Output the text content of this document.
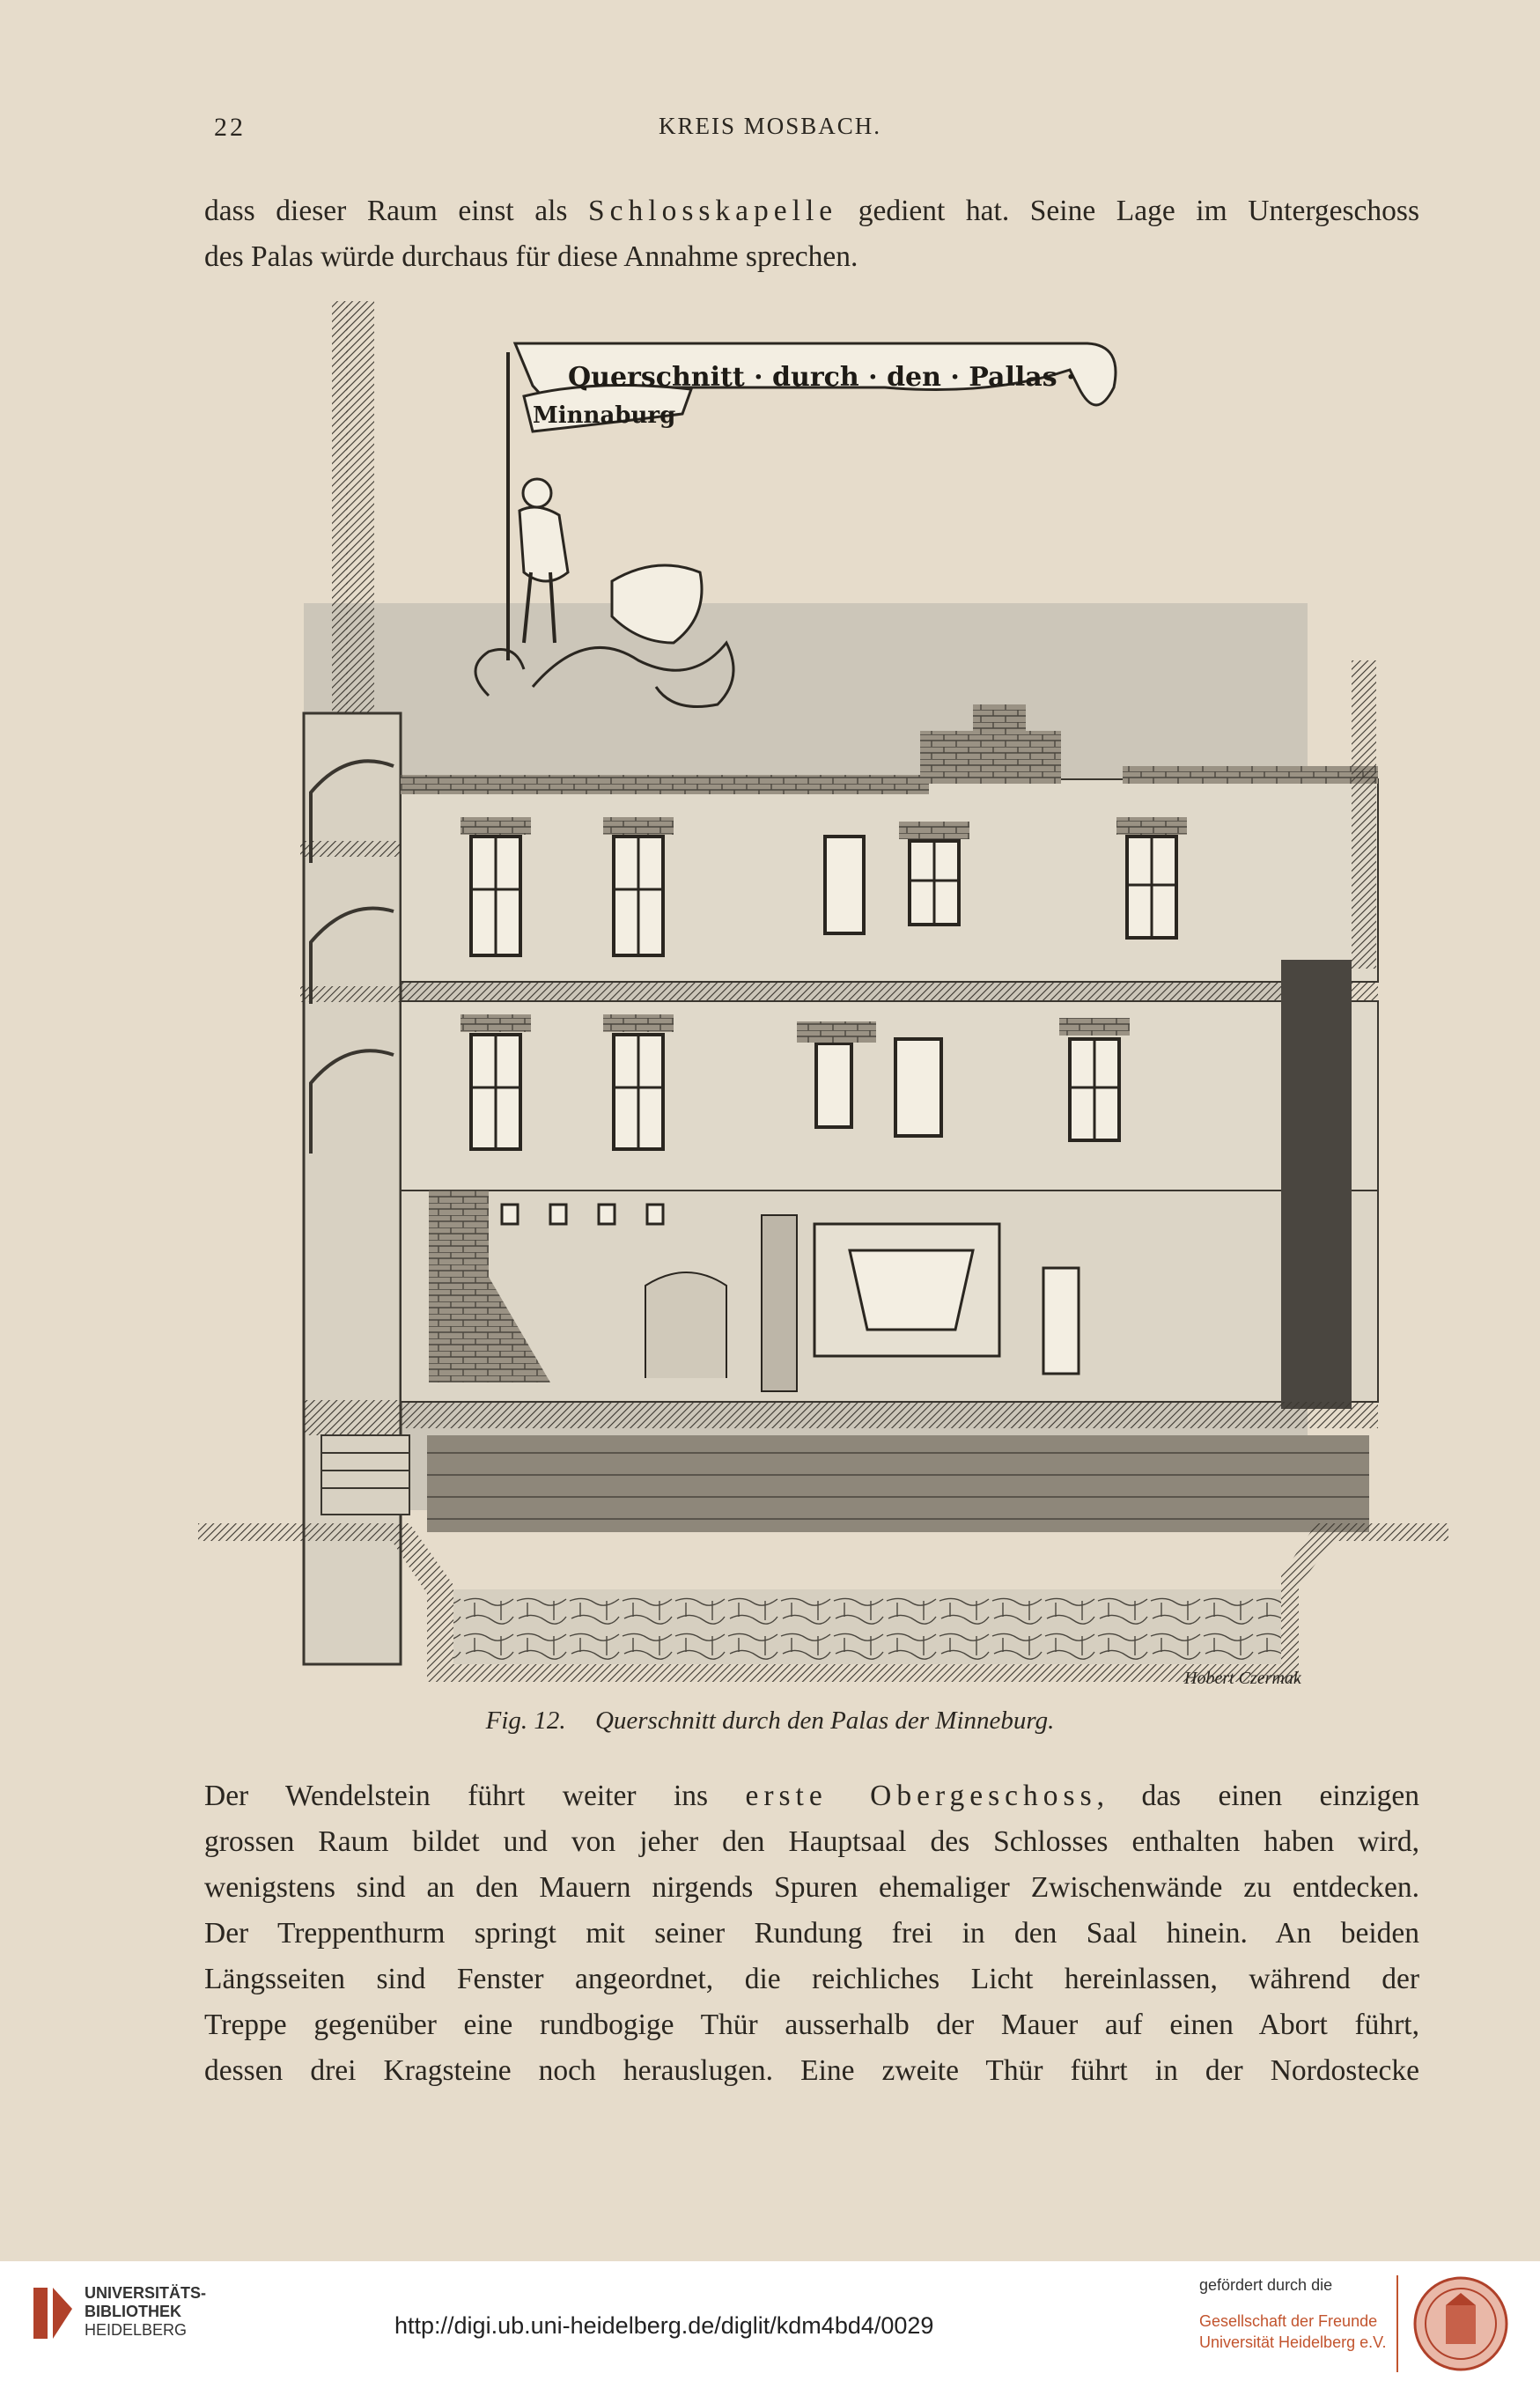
22	KREIS MOSBACH.
dass dieser Raum einst als Schlosskapelle gedient hat. Seine Lage im Untergeschoss
des Palas würde durchaus für diese Annahme sprechen.
Querschnitt · durch · den · Pallas ·
Minnaburg
Hobert Czermak
Fig. 12. Querschnitt durch den Palas der Minneburg.
Der Wendelstein führt weiter ins erste Obergeschoss, das einen einzigen
grossen Raum bildet und von jeher den Hauptsaal des Schlosses enthalten haben wird,
wenigstens sind an den Mauern nirgends Spuren ehemaliger Zwischenwände zu entdecken.
Der Treppenthurm springt mit seiner Rundung frei in den Saal hinein. An beiden
Längsseiten sind Fenster angeordnet, die reichliches Licht hereinlassen, während der
Treppe gegenüber eine rundbogige Thür ausserhalb der Mauer auf einen Abort führt,
dessen drei Kragsteine noch herauslugen. Eine zweite Thür führt in der Nordostecke
UNIVERSITÄTS-
BIBLIOTHEK
HEIDELBERG	http://digi.ub.uni-heidelberg.de/diglit/kdm4bd4/0029
gefördert durch die
Gesellschaft der Freunde
Universität Heidelberg e.V.
